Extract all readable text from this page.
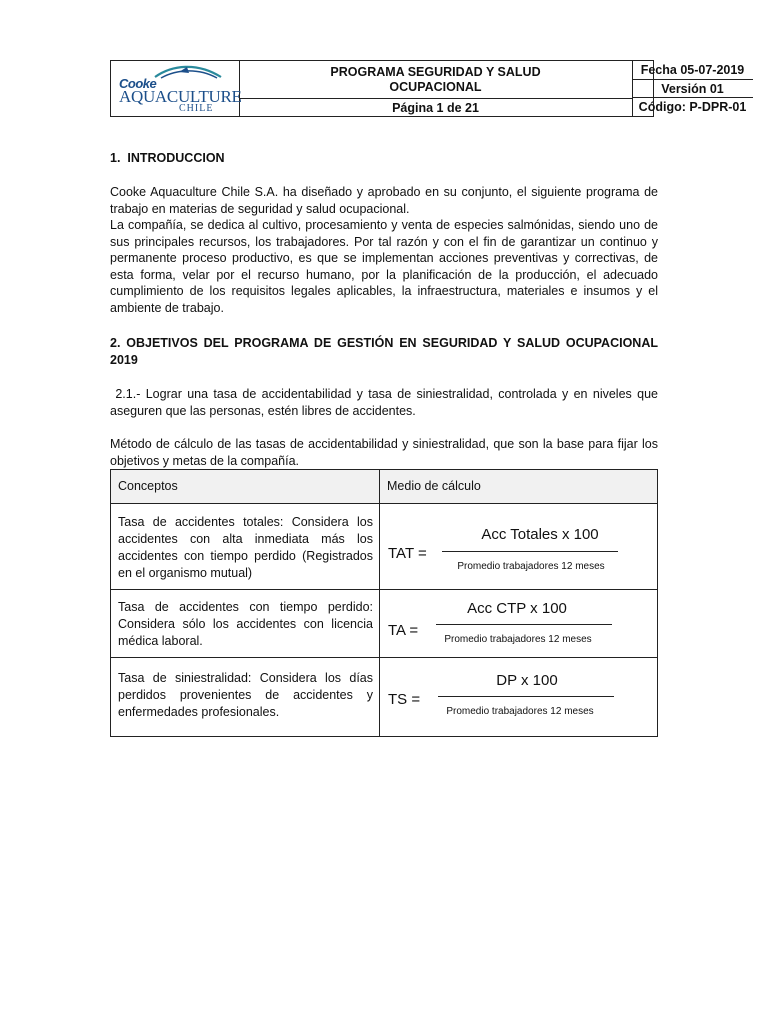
Cooke
AQUACULTURE
CHILE
PROGRAMA SEGURIDAD Y SALUD
OCUPACIONAL
Página 1 de 21
Fecha 05-07-2019
Versión 01
Código: P-DPR-01
1.  INTRODUCCION
Cooke Aquaculture Chile S.A. ha diseñado y aprobado en su conjunto, el siguiente programa de trabajo en materias de seguridad y salud ocupacional.
La compañía, se dedica al cultivo, procesamiento y venta de especies salmónidas, siendo uno de sus principales recursos, los trabajadores. Por tal razón y con el fin de garantizar un continuo y permanente proceso productivo, es que se implementan acciones preventivas y correctivas, de esta forma, velar por el recurso humano, por la planificación de la producción, el adecuado cumplimiento de los requisitos legales aplicables, la infraestructura, materiales e insumos y el ambiente de trabajo.
2. OBJETIVOS DEL PROGRAMA DE GESTIÓN EN SEGURIDAD Y SALUD OCUPACIONAL 2019
2.1.- Lograr una tasa de accidentabilidad y tasa de siniestralidad, controlada y en niveles que aseguren que las personas, estén libres de accidentes.
Método de cálculo de las tasas de accidentabilidad y siniestralidad, que son la base para fijar los objetivos y metas de la compañía.
Conceptos	Medio de cálculo
Tasa de accidentes totales: Considera los accidentes con alta inmediata más los accidentes con tiempo perdido (Registrados en el organismo mutual)
TAT =
Acc Totales x 100
Promedio trabajadores 12 meses
Tasa de accidentes con tiempo perdido: Considera sólo los accidentes con licencia médica laboral.
TA =
Acc CTP x 100
Promedio trabajadores 12 meses
Tasa de siniestralidad: Considera los días perdidos provenientes de accidentes y enfermedades profesionales.
TS =
DP x 100
Promedio trabajadores 12 meses
